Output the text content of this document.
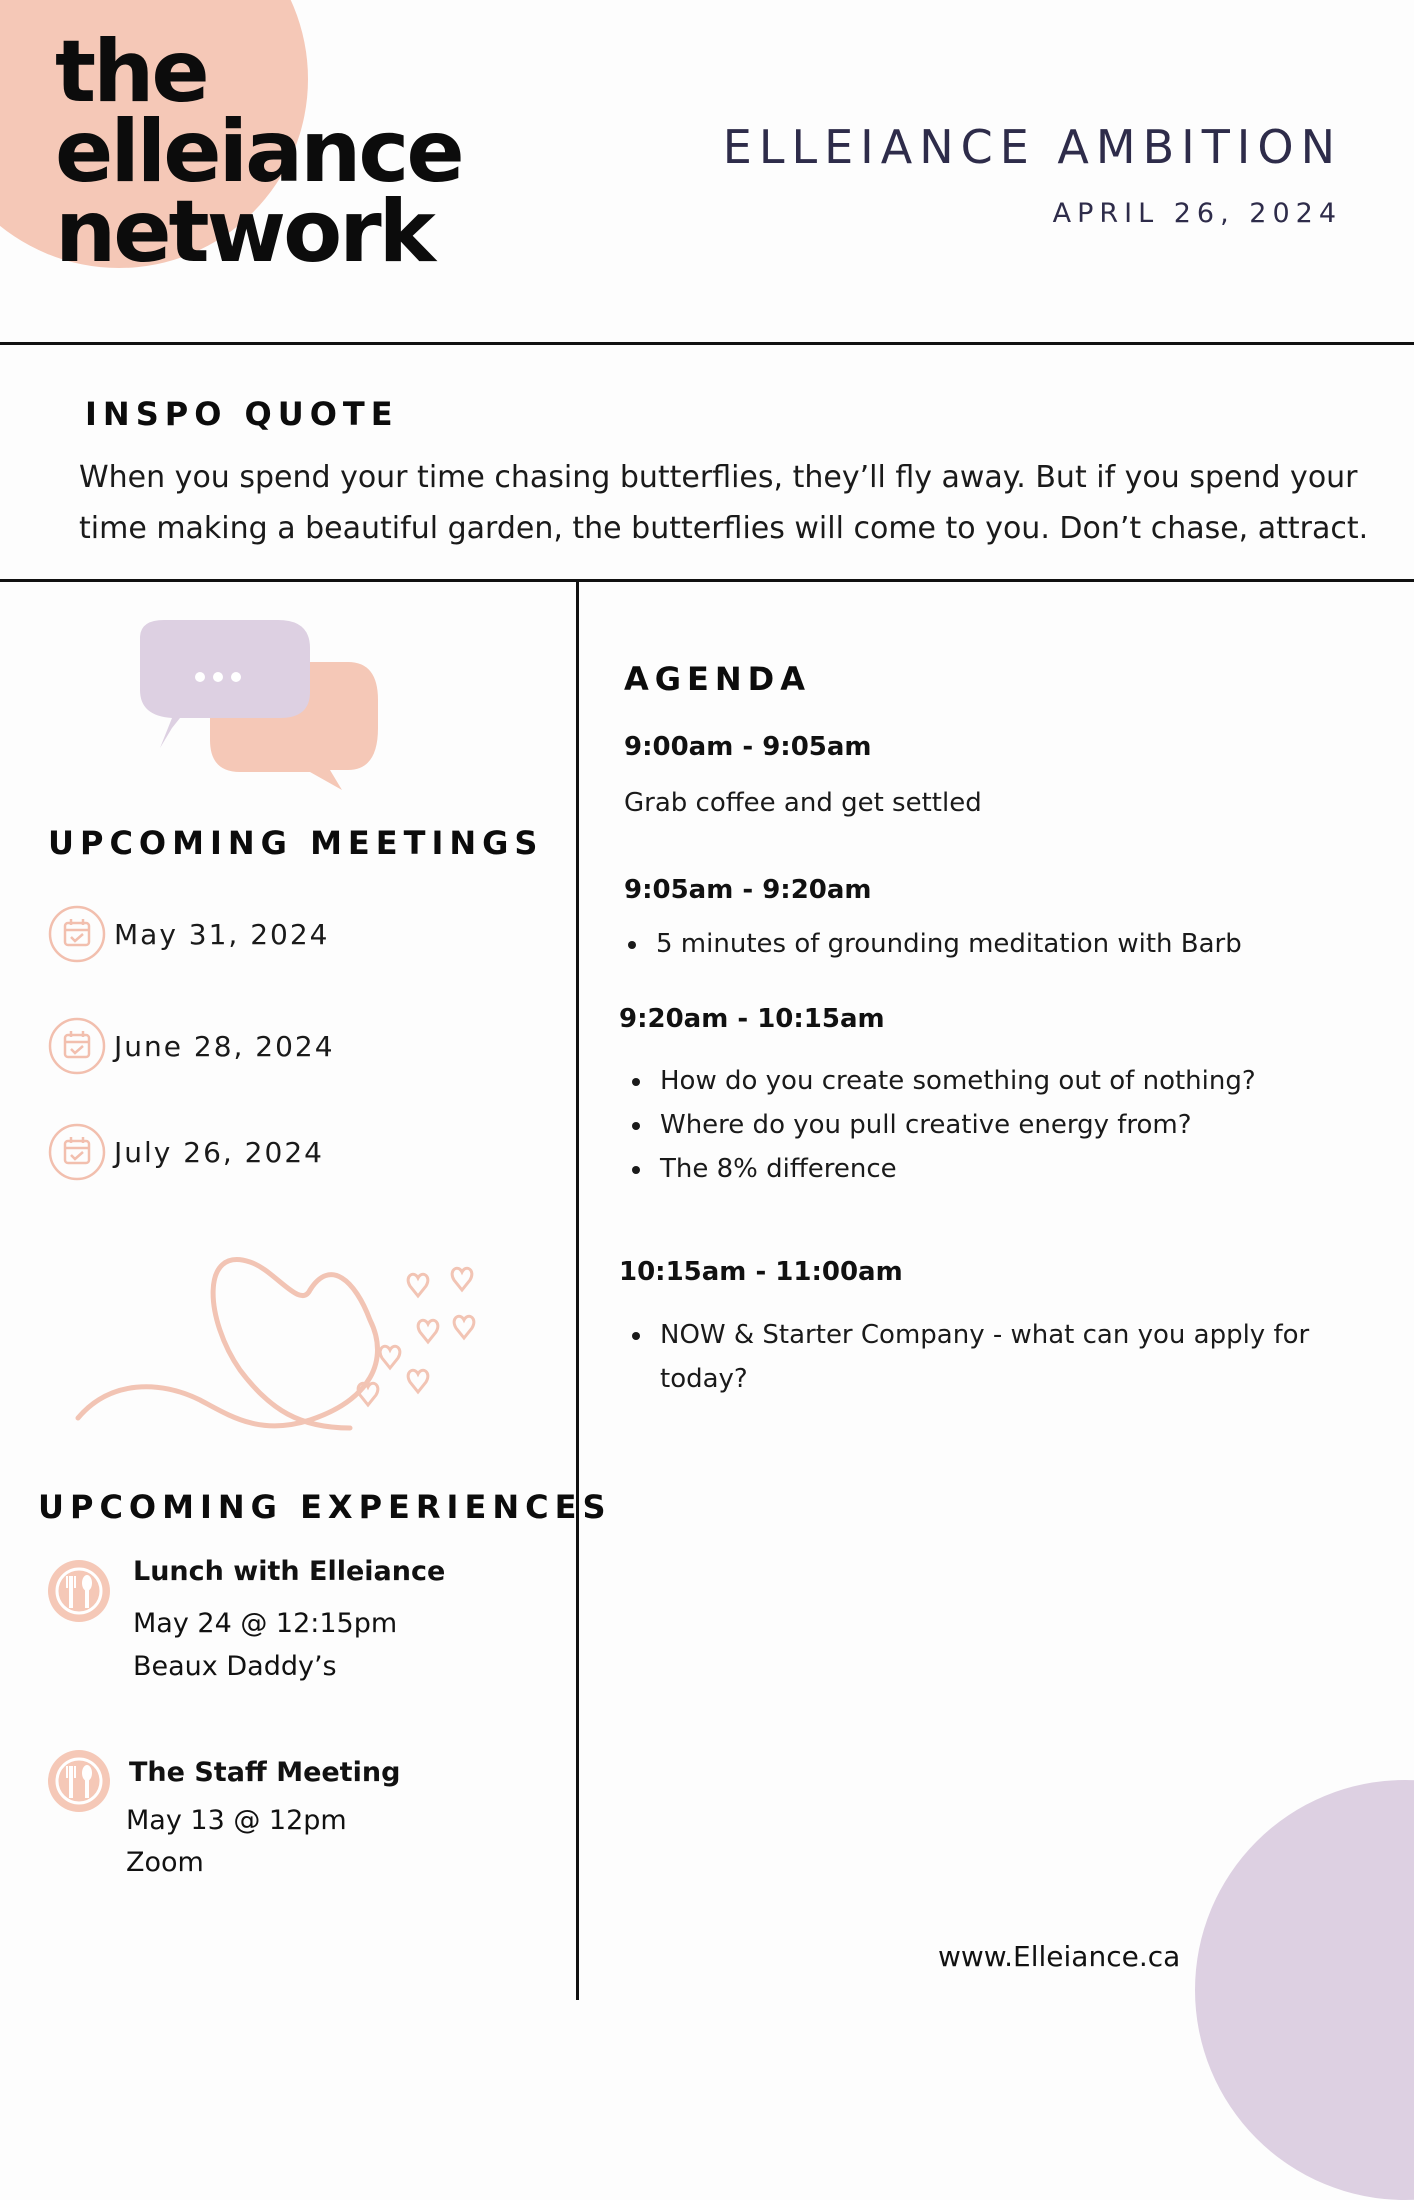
the
elleiance
network
ELLEIANCE AMBITION
APRIL 26, 2024
INSPO QUOTE
When you spend your time chasing butterflies, they’ll fly away. But if you spend your time making a beautiful garden, the butterflies will come to you. Don’t chase, attract.
UPCOMING MEETINGS
May 31, 2024
June 28, 2024
July 26, 2024
UPCOMING EXPERIENCES
Lunch with Elleiance
May 24 @ 12:15pm
Beaux Daddy’s
The Staff Meeting
May 13 @ 12pm
Zoom
AGENDA
9:00am - 9:05am
Grab coffee and get settled
9:05am - 9:20am
5 minutes of grounding meditation with Barb
9:20am - 10:15am
How do you create something out of nothing?
Where do you pull creative energy from?
The 8% difference
10:15am - 11:00am
NOW & Starter Company - what can you apply for
today?
www.Elleiance.ca
